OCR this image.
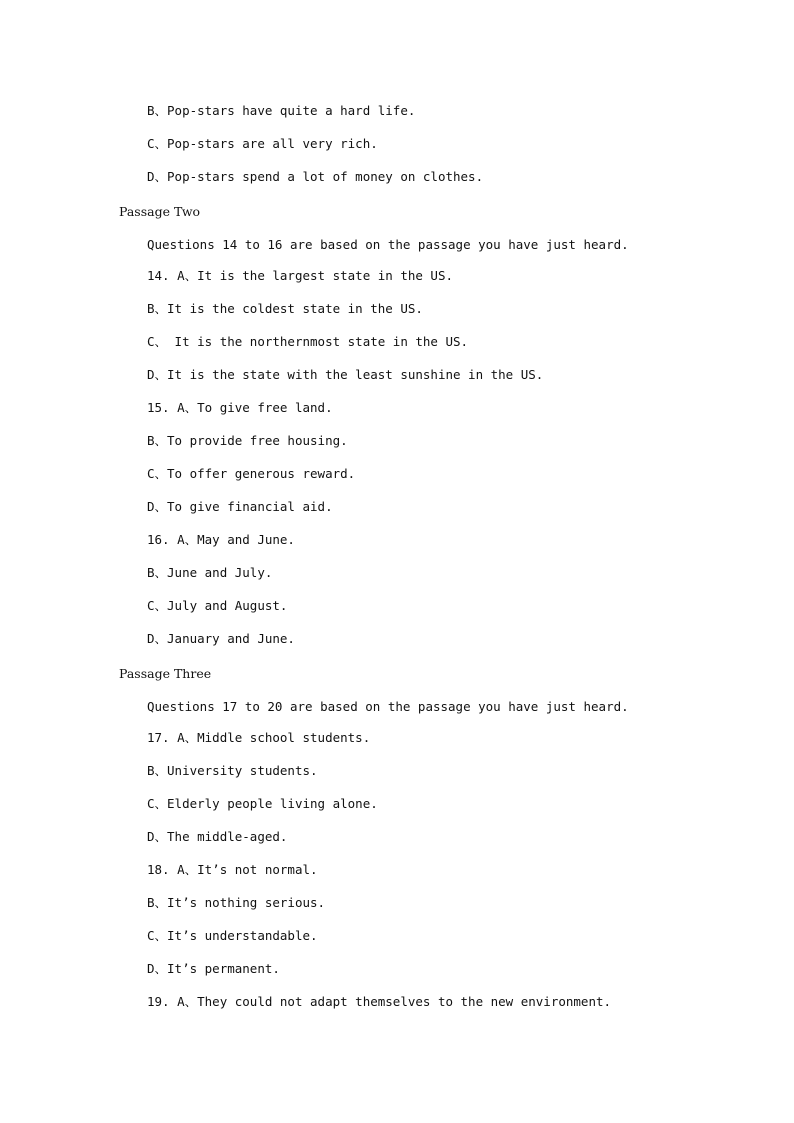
B、Pop-stars have quite a hard life.

C、Pop-stars are all very rich.

D、Pop-stars spend a lot of money on clothes.

Passage Two

Questions 14 to 16 are based on the passage you have just heard.

14. A、It is the largest state in the US.

B、It is the coldest state in the US.

C、 It is the northernmost state in the US.

D、It is the state with the least sunshine in the US.

15. A、To give free land.

B、To provide free housing.

C、To offer generous reward.

D、To give financial aid.

16. A、May and June.

B、June and July.

C、July and August.

D、January and June.

Passage Three

Questions 17 to 20 are based on the passage you have just heard.

17. A、Middle school students.

B、University students.

C、Elderly people living alone.

D、The middle-aged.

18. A、It’s not normal.

B、It’s nothing serious.

C、It’s understandable.

D、It’s permanent.

19. A、They could not adapt themselves to the new environment.
